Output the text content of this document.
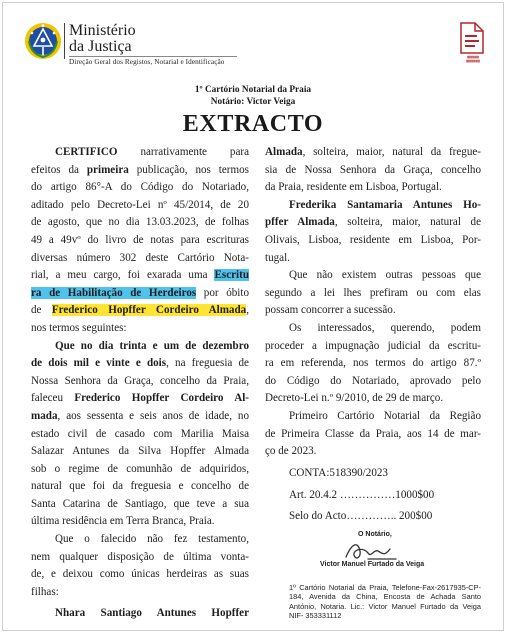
Ministério
da Justiça
Direção Geral dos Registos, Notarial e Identificação
▮▮▮▮▮▮
▮▮▮▮▮▮▮
1º Cartório Notarial da Praia
Notário: Victor Veiga
EXTRACTO
CERTIFICO narrativamente para
efeitos da primeira publicação, nos termos
do artigo 86°-A do Código do Notariado,
aditado pelo Decreto-Lei nº 45/2014, de 20
de agosto, que no dia 13.03.2023, de folhas
49 a 49vº do livro de notas para escrituras
diversas número 302 deste Cartório Nota-
rial, a meu cargo, foi exarada uma Escritu
ra de Habilitação de Herdeiros por óbito
de Frederico Hopffer Cordeiro Almada,
nos termos seguintes:
Que no dia trinta e um de dezembro
de dois mil e vinte e dois, na freguesia de
Nossa Senhora da Graça, concelho da Praia,
faleceu Frederico Hopffer Cordeiro Al-
mada, aos sessenta e seis anos de idade, no
estado civil de casado com Marilia Maisa
Salazar Antunes da Silva Hopffer Almada
sob o regime de comunhão de adquiridos,
natural que foi da freguesia e concelho de
Santa Catarina de Santiago, que teve a sua
última residência em Terra Branca, Praia.
Que o falecido não fez testamento,
nem qualquer disposição de última vonta-
de, e deixou como únicas herdeiras as suas
filhas:
Nhara Santiago Antunes Hopffer
Almada, solteira, maior, natural da fregue-
sia de Nossa Senhora da Graça, concelho
da Praia, residente em Lisboa, Portugal.
Frederika Santamaria Antunes Ho-
pffer Almada, solteira, maior, natural de
Olivais, Lisboa, residente em Lisboa, Por-
tugal.
Que não existem outras pessoas que
segundo a lei lhes prefiram ou com elas
possam concorrer a sucessão.
Os interessados, querendo, podem
proceder a impugnação judicial da escritu-
ra em referenda, nos termos do artigo 87.º
do Código do Notariado, aprovado pelo
Decreto-Lei n.º 9/2010, de 29 de março.
Primeiro Cartório Notarial da Região
de Primeira Classe da Praia, aos 14 de mar-
ço de 2023.
CONTA:518390/2023
Art. 20.4.2 ……………1000$00
Selo do Acto………….. 200$00
O Notário,
Victor Manuel Furtado da Veiga
1º Cartório Notarial da Praia, Telefone-Fax-2617935-CP-184, Avenida da China, Encosta de Achada Santo António, Notaria. Lic.: Victor Manuel Furtado da Veiga NIF- 353331112
